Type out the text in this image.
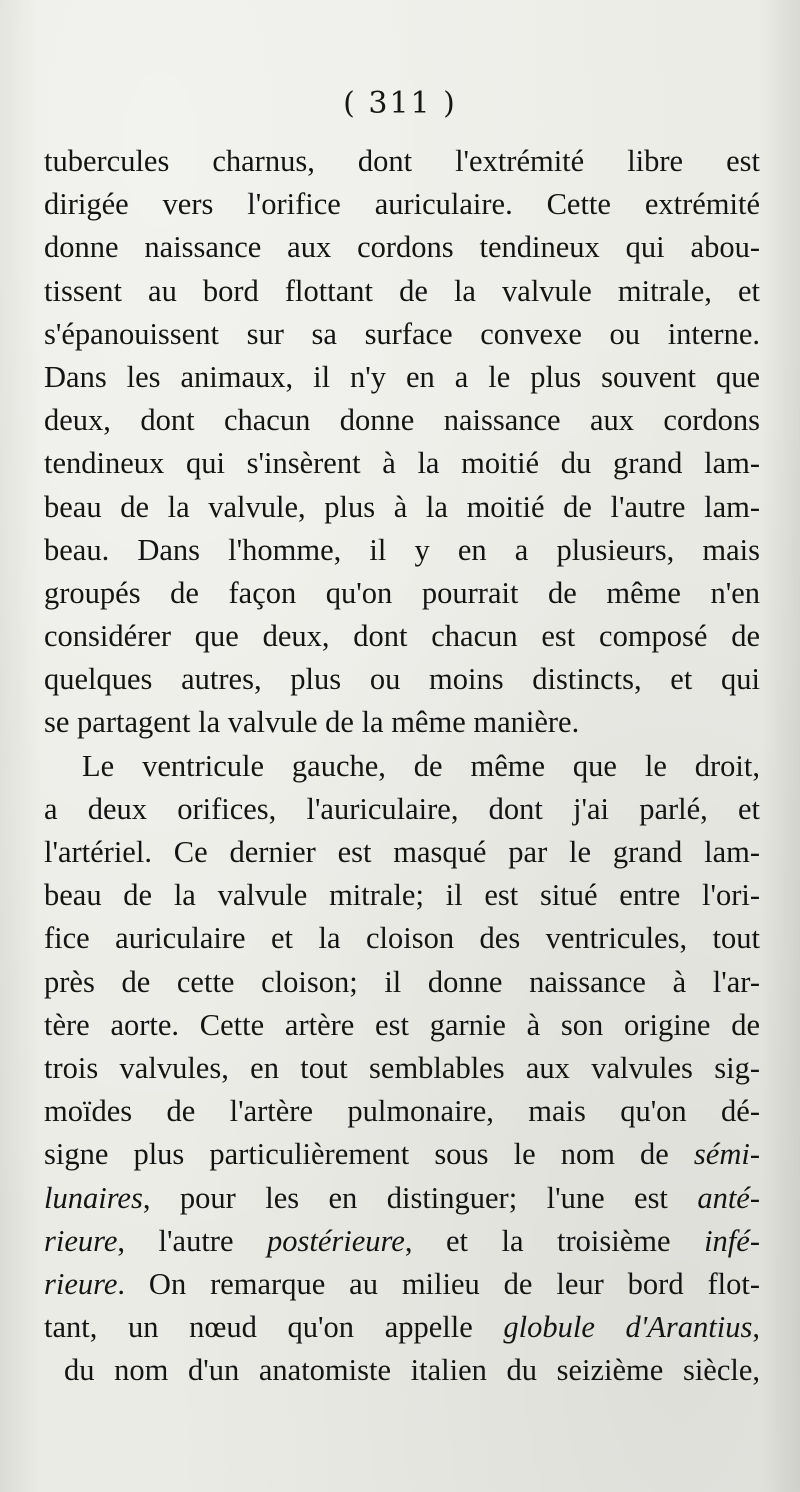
( 311 )
tubercules charnus, dont l'extrémité libre est
dirigée vers l'orifice auriculaire. Cette extrémité
donne naissance aux cordons tendineux qui abou-
tissent au bord flottant de la valvule mitrale, et
s'épanouissent sur sa surface convexe ou interne.
Dans les animaux, il n'y en a le plus souvent que
deux, dont chacun donne naissance aux cordons
tendineux qui s'insèrent à la moitié du grand lam-
beau de la valvule, plus à la moitié de l'autre lam-
beau. Dans l'homme, il y en a plusieurs, mais
groupés de façon qu'on pourrait de même n'en
considérer que deux, dont chacun est composé de
quelques autres, plus ou moins distincts, et qui
se partagent la valvule de la même manière.
Le ventricule gauche, de même que le droit,
a deux orifices, l'auriculaire, dont j'ai parlé, et
l'artériel. Ce dernier est masqué par le grand lam-
beau de la valvule mitrale; il est situé entre l'ori-
fice auriculaire et la cloison des ventricules, tout
près de cette cloison; il donne naissance à l'ar-
tère aorte. Cette artère est garnie à son origine de
trois valvules, en tout semblables aux valvules sig-
moïdes de l'artère pulmonaire, mais qu'on dé-
signe plus particulièrement sous le nom de sémi-
lunaires, pour les en distinguer; l'une est anté-
rieure, l'autre postérieure, et la troisième infé-
rieure. On remarque au milieu de leur bord flot-
tant, un nœud qu'on appelle globule d'Arantius,
du nom d'un anatomiste italien du seizième siècle,
